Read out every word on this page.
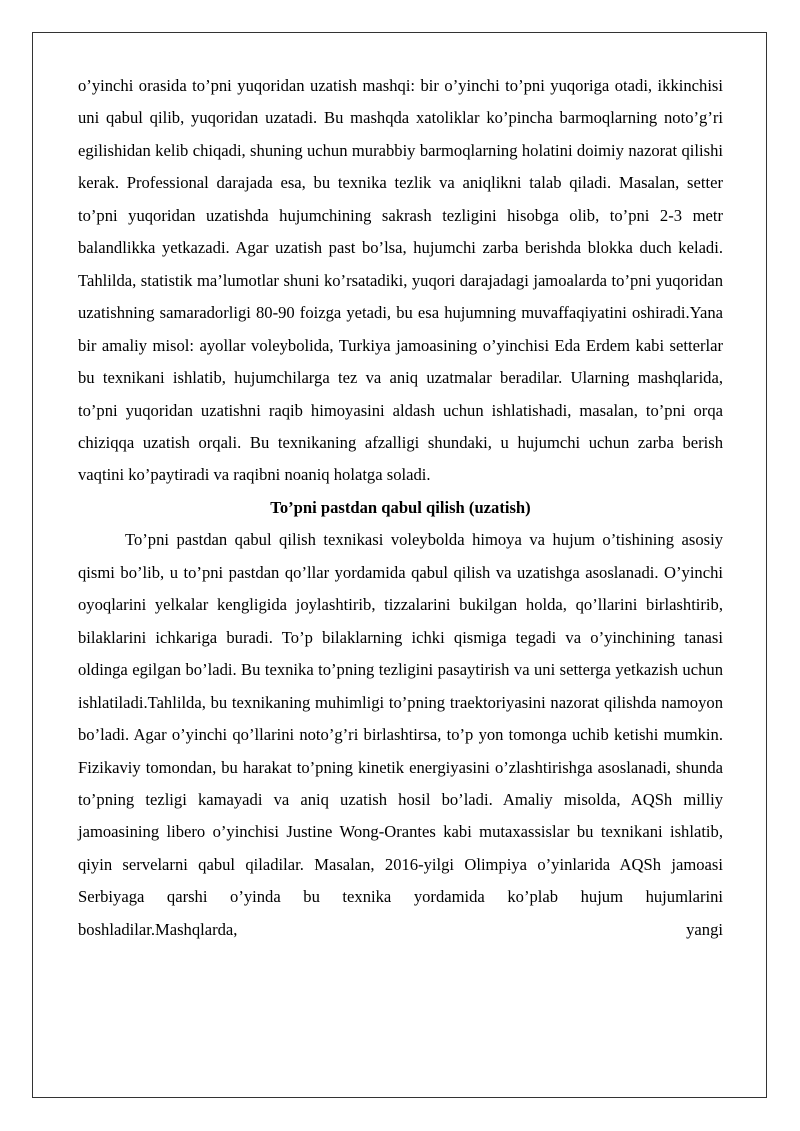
o’yinchi orasida to’pni yuqoridan uzatish mashqi: bir o’yinchi to’pni yuqoriga otadi, ikkinchisi uni qabul qilib, yuqoridan uzatadi. Bu mashqda xatoliklar ko’pincha barmoqlarning noto’g’ri egilishidan kelib chiqadi, shuning uchun murabbiy barmoqlarning holatini doimiy nazorat qilishi kerak. Professional darajada esa, bu texnika tezlik va aniqlikni talab qiladi. Masalan, setter to’pni yuqoridan uzatishda hujumchining sakrash tezligini hisobga olib, to’pni 2-3 metr balandlikka yetkazadi. Agar uzatish past bo’lsa, hujumchi zarba berishda blokka duch keladi. Tahlilda, statistik ma’lumotlar shuni ko’rsatadiki, yuqori darajadagi jamoalarda to’pni yuqoridan uzatishning samaradorligi 80-90 foizga yetadi, bu esa hujumning muvaffaqiyatini oshiradi.Yana bir amaliy misol: ayollar voleybolida, Turkiya jamoasining o’yinchisi Eda Erdem kabi setterlar bu texnikani ishlatib, hujumchilarga tez va aniq uzatmalar beradilar. Ularning mashqlarida, to’pni yuqoridan uzatishni raqib himoyasini aldash uchun ishlatishadi, masalan, to’pni orqa chiziqqa uzatish orqali. Bu texnikaning afzalligi shundaki, u hujumchi uchun zarba berish vaqtini ko’paytiradi va raqibni noaniq holatga soladi.

To’pni pastdan qabul qilish (uzatish)

To’pni pastdan qabul qilish texnikasi voleybolda himoya va hujum o’tishining asosiy qismi bo’lib, u to’pni pastdan qo’llar yordamida qabul qilish va uzatishga asoslanadi. O’yinchi oyoqlarini yelkalar kengligida joylashtirib, tizzalarini bukilgan holda, qo’llarini birlashtirib, bilaklarini ichkariga buradi. To’p bilaklarning ichki qismiga tegadi va o’yinchining tanasi oldinga egilgan bo’ladi. Bu texnika to’pning tezligini pasaytirish va uni setterga yetkazish uchun ishlatiladi.Tahlilda, bu texnikaning muhimligi to’pning traektoriyasini nazorat qilishda namoyon bo’ladi. Agar o’yinchi qo’llarini noto’g’ri birlashtirsa, to’p yon tomonga uchib ketishi mumkin. Fizikaviy tomondan, bu harakat to’pning kinetik energiyasini o’zlashtirishga asoslanadi, shunda to’pning tezligi kamayadi va aniq uzatish hosil bo’ladi. Amaliy misolda, AQSh milliy jamoasining libero o’yinchisi Justine Wong-Orantes kabi mutaxassislar bu texnikani ishlatib, qiyin servelarni qabul qiladilar. Masalan, 2016-yilgi Olimpiya o’yinlarida AQSh jamoasi Serbiyaga qarshi o’yinda bu texnika yordamida ko’plab hujum hujumlarini boshladilar.Mashqlarda, yangi
